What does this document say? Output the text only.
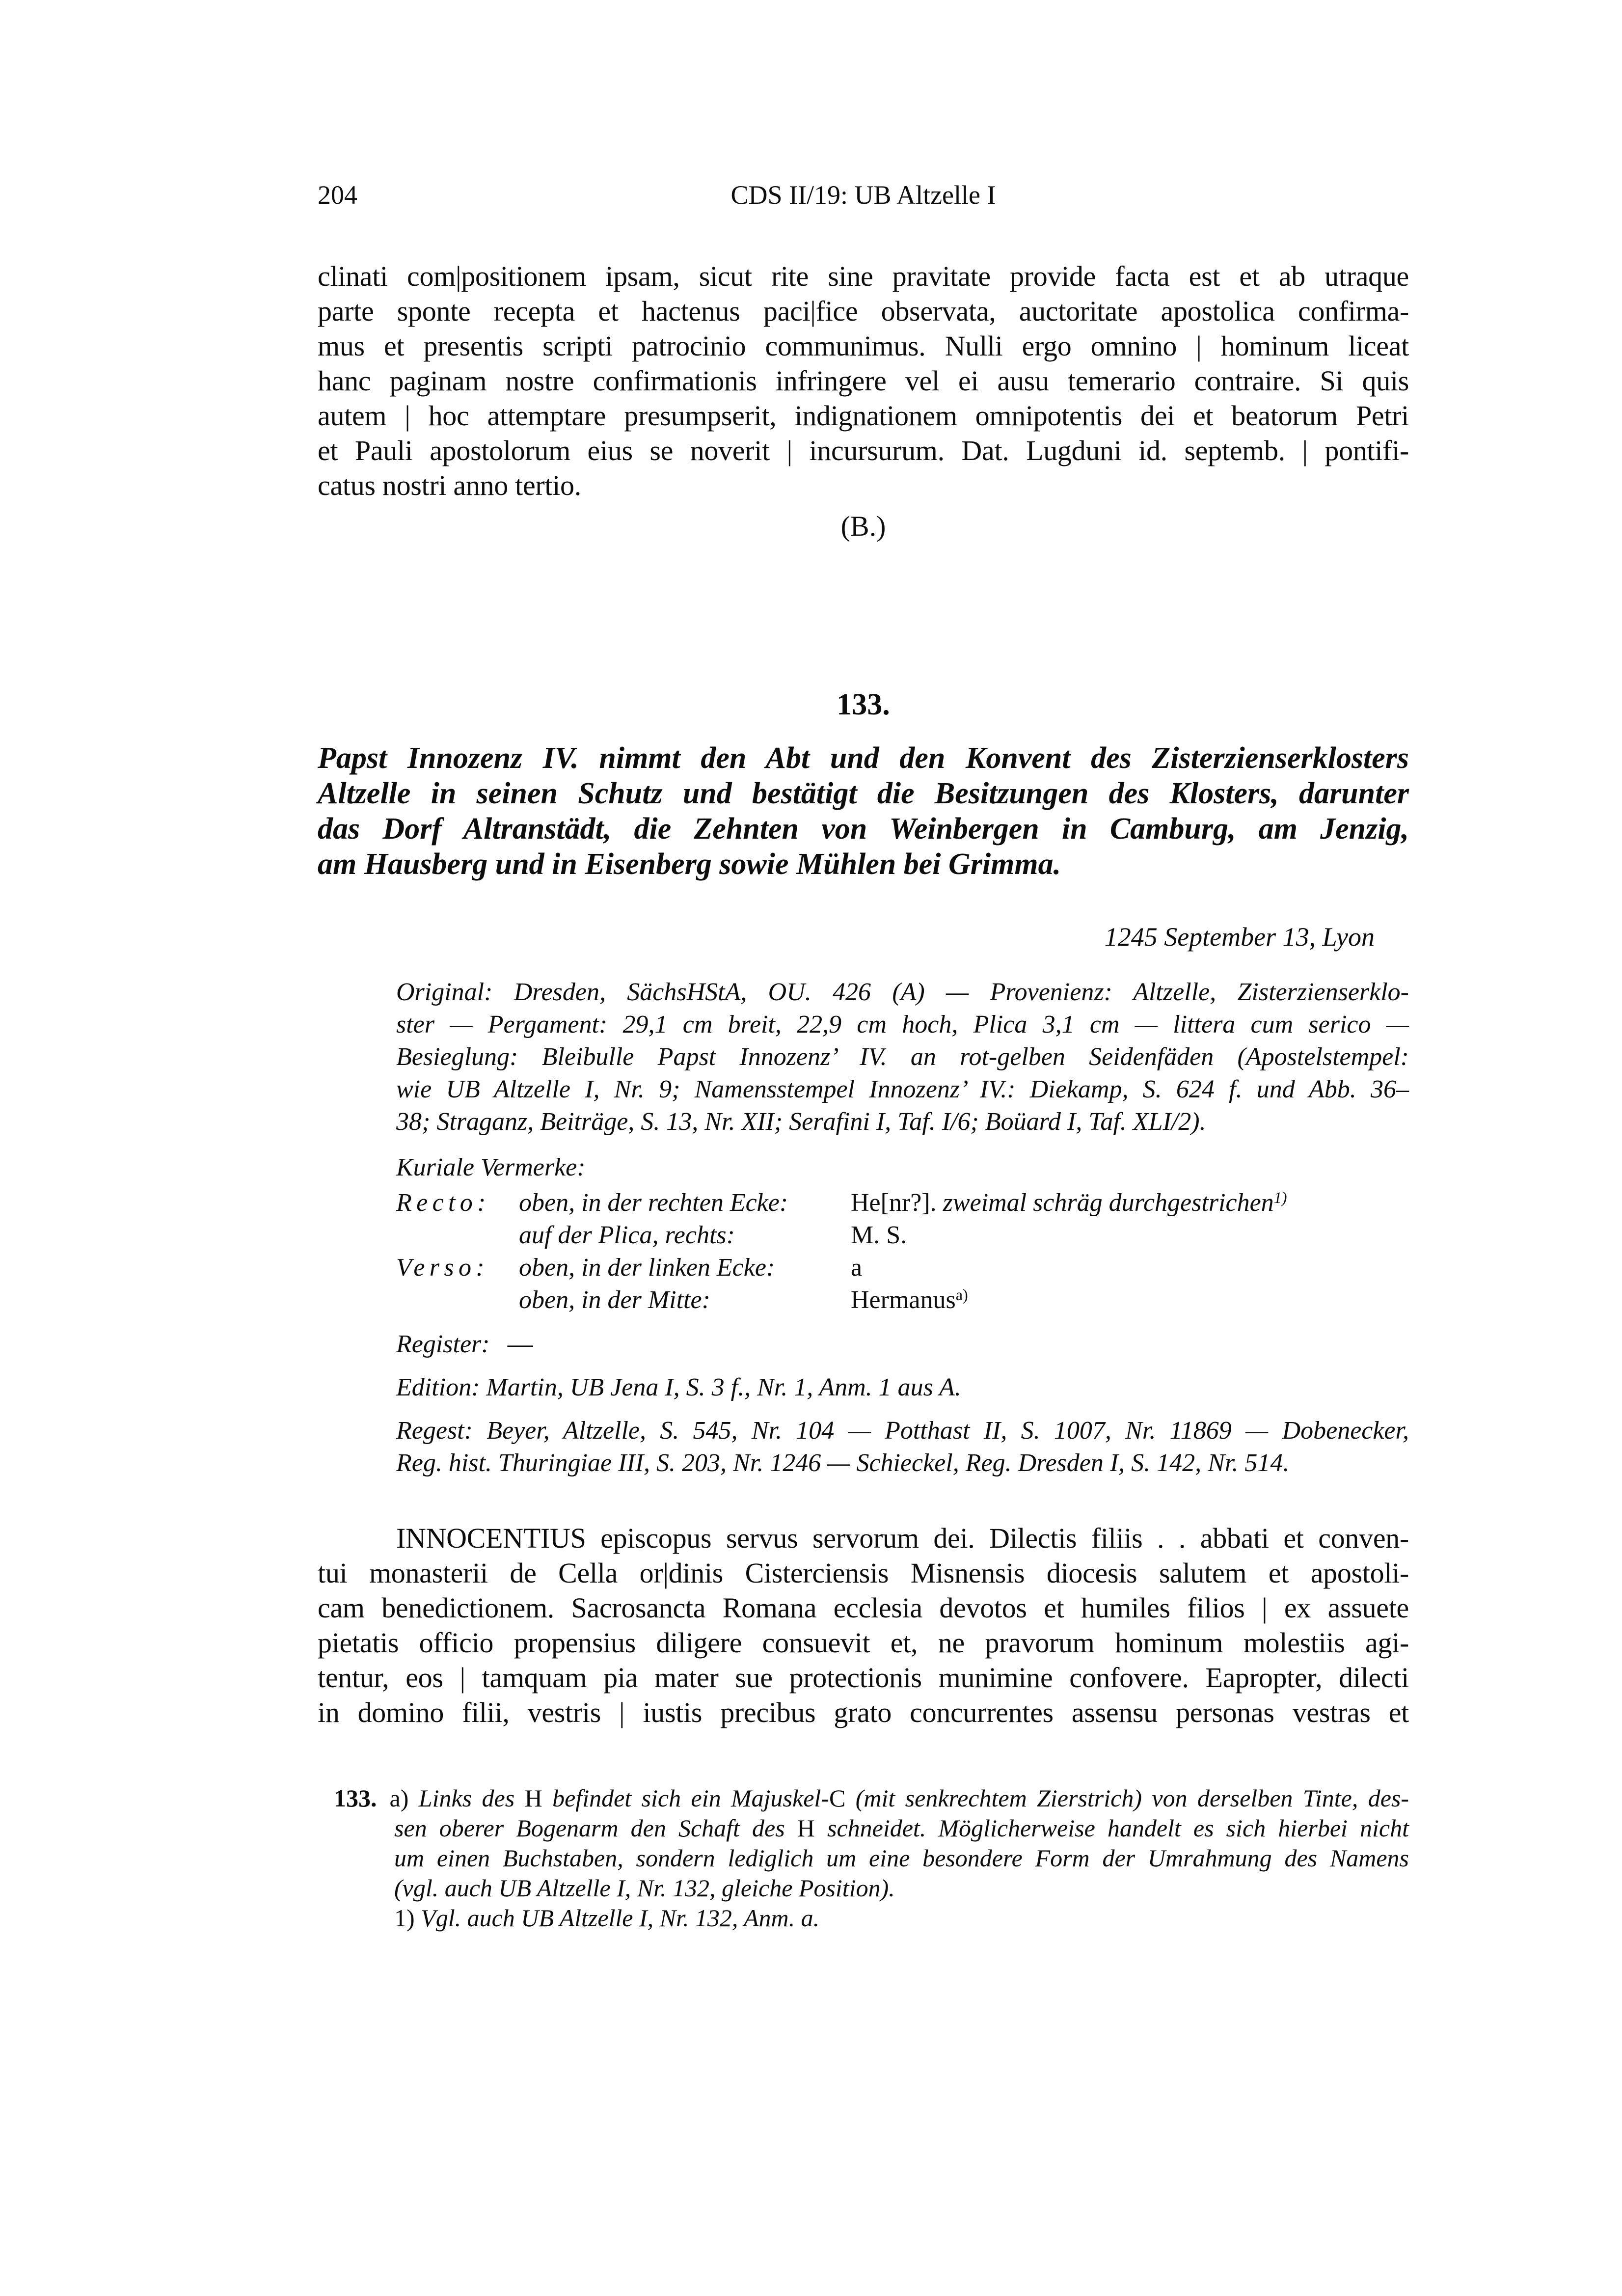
204	CDS II/19: UB Altzelle I
clinati com|positionem ipsam, sicut rite sine pravitate provide facta est et ab utraque
parte sponte recepta et hactenus paci|fice observata, auctoritate apostolica confirma-
mus et presentis scripti patrocinio communimus. Nulli ergo omnino | hominum liceat
hanc paginam nostre confirmationis infringere vel ei ausu temerario contraire. Si quis
autem | hoc attemptare presumpserit, indignationem omnipotentis dei et beatorum Petri
et Pauli apostolorum eius se noverit | incursurum. Dat. Lugduni id. septemb. | pontifi-
catus nostri anno tertio.
(B.)
133.
Papst Innozenz IV. nimmt den Abt und den Konvent des Zisterzienserklosters
Altzelle in seinen Schutz und bestätigt die Besitzungen des Klosters, darunter
das Dorf Altranstädt, die Zehnten von Weinbergen in Camburg, am Jenzig,
am Hausberg und in Eisenberg sowie Mühlen bei Grimma.
1245 September 13, Lyon
Original: Dresden, SächsHStA, OU. 426 (A) — Provenienz: Altzelle, Zisterzienserklo-
ster — Pergament: 29,1 cm breit, 22,9 cm hoch, Plica 3,1 cm — littera cum serico —
Besieglung: Bleibulle Papst Innozenz’ IV. an rot-gelben Seidenfäden (Apostelstempel:
wie UB Altzelle I, Nr. 9; Namensstempel Innozenz’ IV.: Diekamp, S. 624 f. und Abb. 36–
38; Straganz, Beiträge, S. 13, Nr. XII; Serafini I, Taf. I/6; Boüard I, Taf. XLI/2).
Kuriale Vermerke:
Recto:	oben, in der rechten Ecke:	He[nr?]. zweimal schräg durchgestrichen$^{1)}$
auf der Plica, rechts:	M. S.
Verso:	oben, in der linken Ecke:	a
oben, in der Mitte:	Hermanus$^{a)}$
Register: —
Edition: Martin, UB Jena I, S. 3 f., Nr. 1, Anm. 1 aus A.
Regest: Beyer, Altzelle, S. 545, Nr. 104 — Potthast II, S. 1007, Nr. 11869 — Dobenecker,
Reg. hist. Thuringiae III, S. 203, Nr. 1246 — Schieckel, Reg. Dresden I, S. 142, Nr. 514.
INNOCENTIUS episcopus servus servorum dei. Dilectis filiis . . abbati et conven-
tui monasterii de Cella or|dinis Cisterciensis Misnensis diocesis salutem et apostoli-
cam benedictionem. Sacrosancta Romana ecclesia devotos et humiles filios | ex assuete
pietatis officio propensius diligere consuevit et, ne pravorum hominum molestiis agi-
tentur, eos | tamquam pia mater sue protectionis munimine confovere. Eapropter, dilecti
in domino filii, vestris | iustis precibus grato concurrentes assensu personas vestras et
133. a) Links des H befindet sich ein Majuskel-C (mit senkrechtem Zierstrich) von derselben Tinte, des-
sen oberer Bogenarm den Schaft des H schneidet. Möglicherweise handelt es sich hierbei nicht
um einen Buchstaben, sondern lediglich um eine besondere Form der Umrahmung des Namens
(vgl. auch UB Altzelle I, Nr. 132, gleiche Position).
1) Vgl. auch UB Altzelle I, Nr. 132, Anm. a.
